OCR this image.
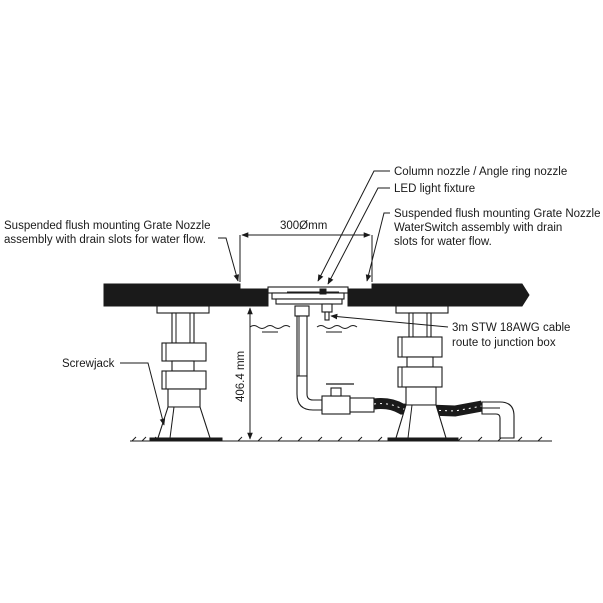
300Ømm
406.4 mm
Column nozzle / Angle ring nozzle
LED light fixture
Suspended flush mounting Grate Nozzle
WaterSwitch assembly with drain
slots for water flow.
Suspended flush mounting Grate Nozzle
assembly with drain slots for water flow.
3m STW 18AWG cable
route to junction box
Screwjack
